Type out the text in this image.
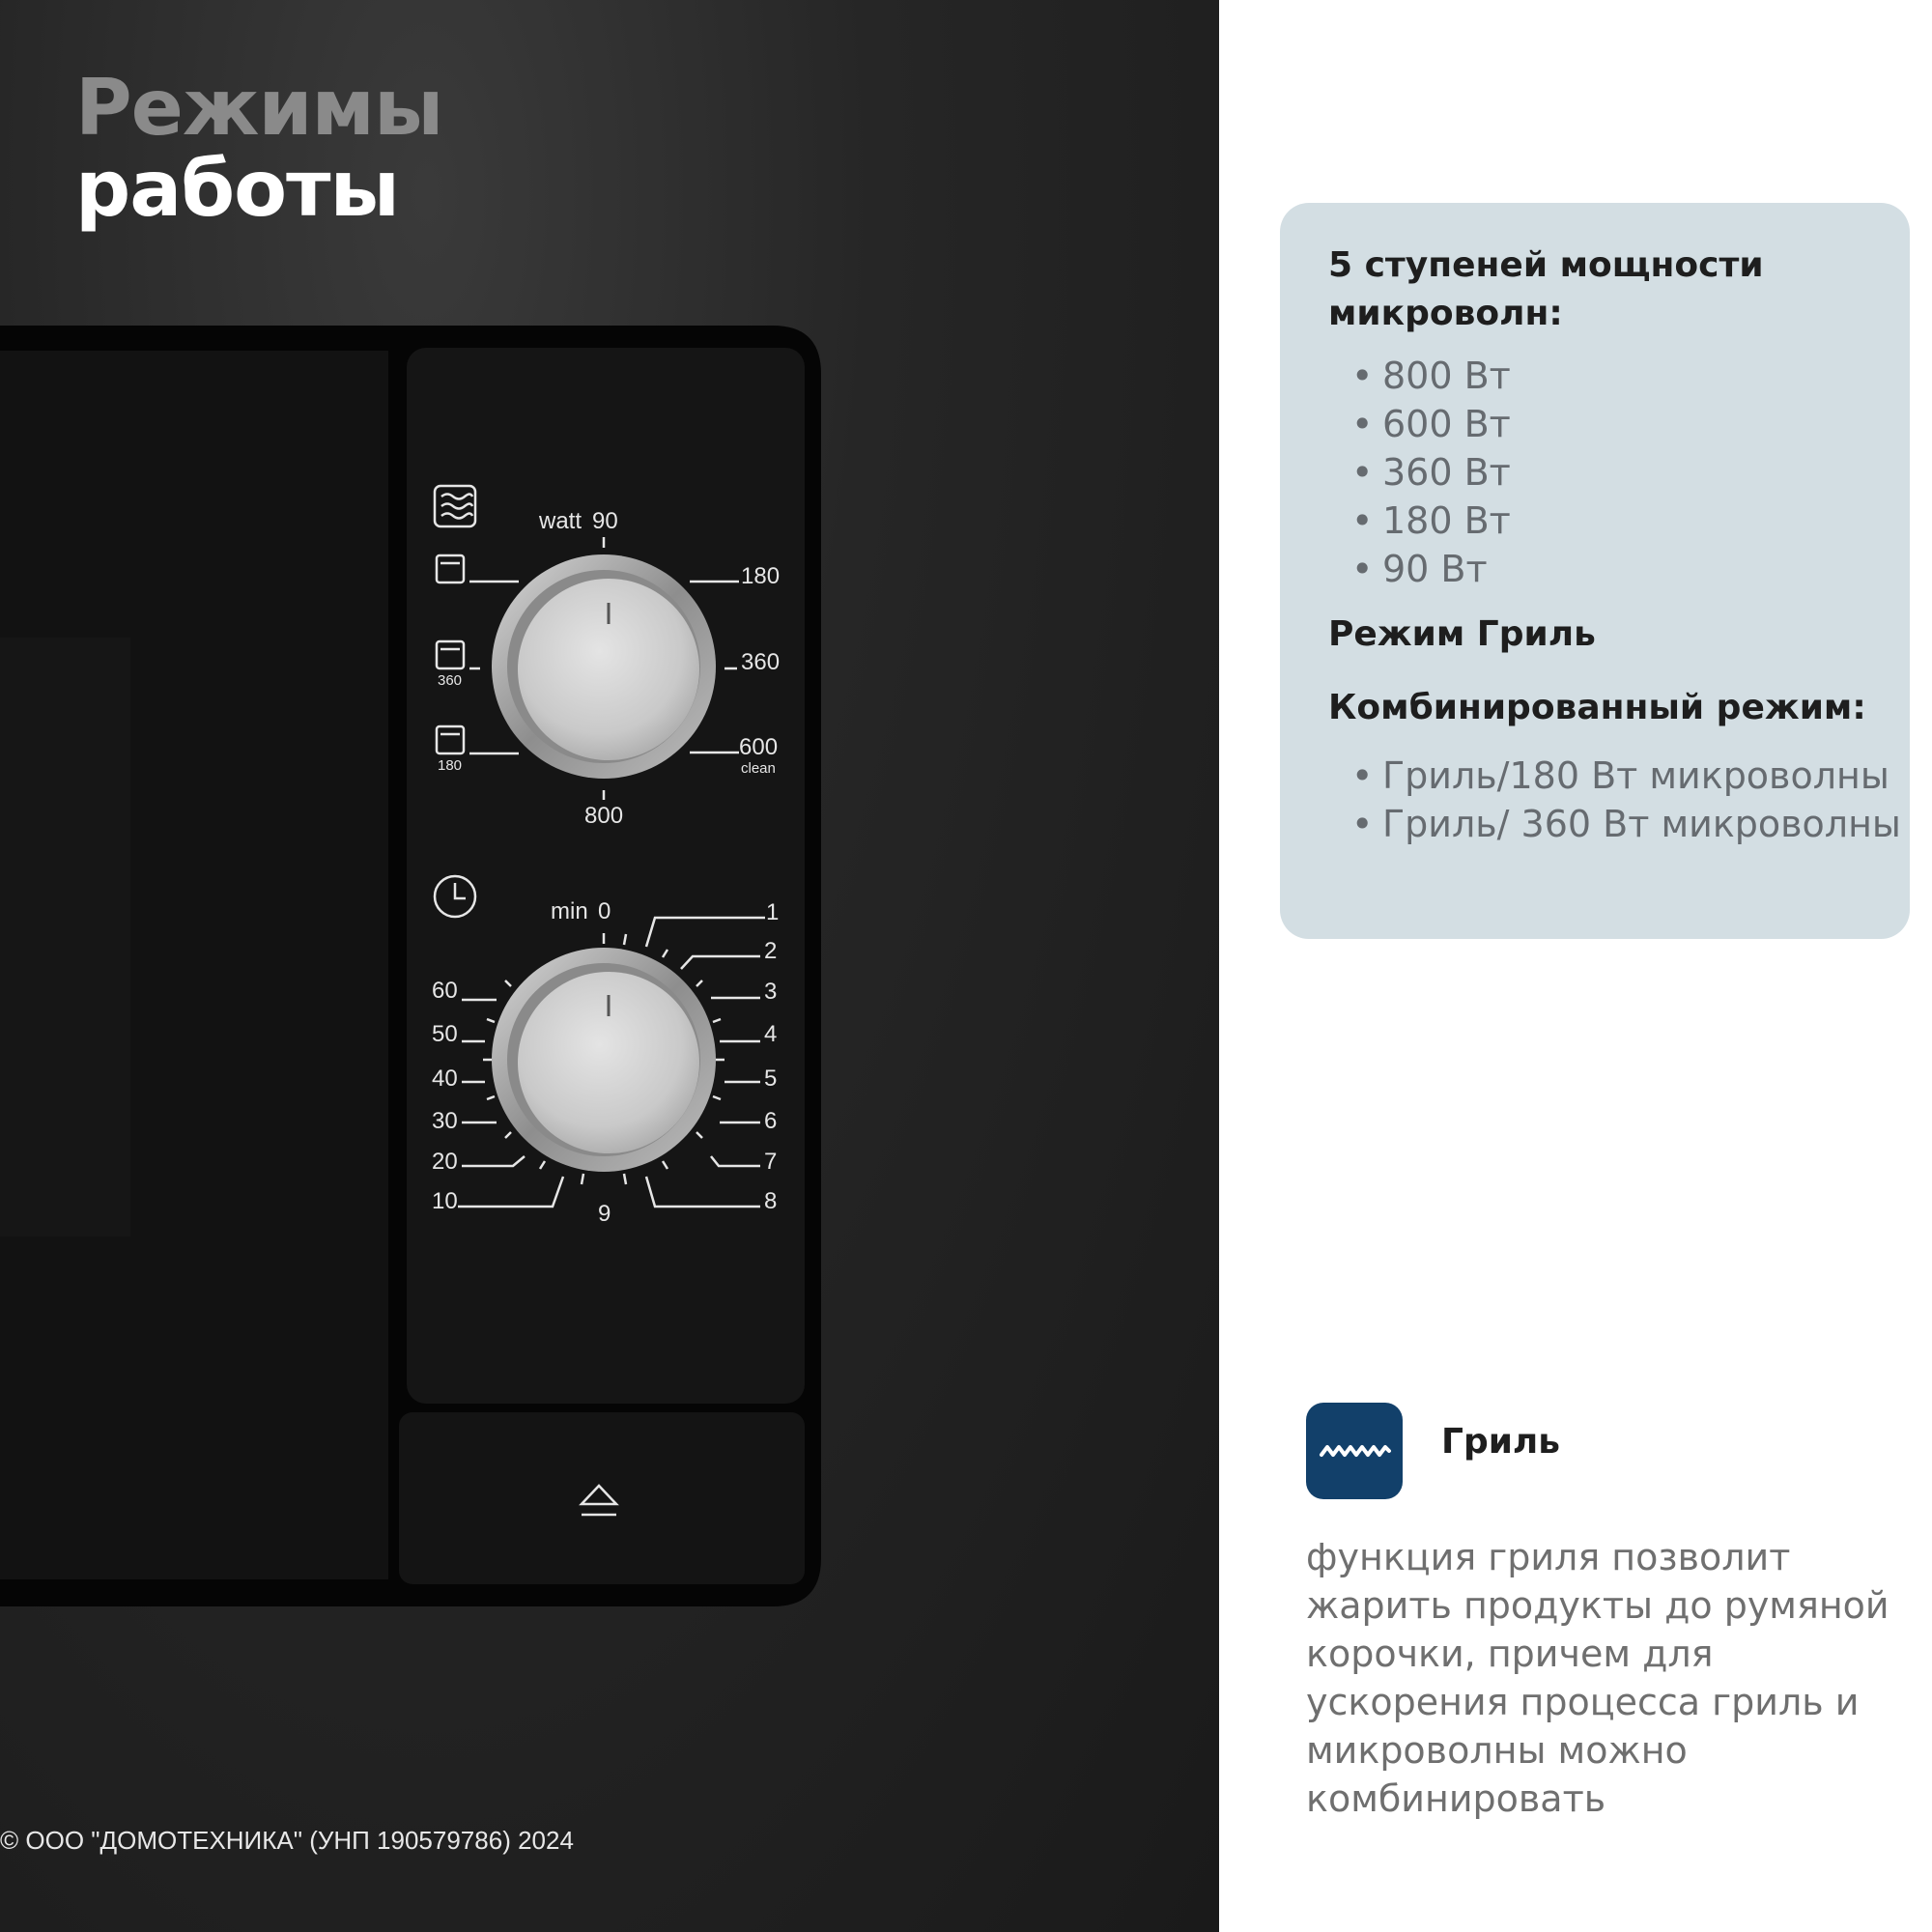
360
180
watt 90
180
360
600
clean
800
min 0	1
2
3
4
5
6
7
8
60
50
40
30
20
10	9
Режимы
работы
© ООО "ДОМОТЕХНИКА" (УНП 190579786) 2024

5 ступеней мощности микроволн:

• 800 Вт
• 600 Вт
• 360 Вт
• 180 Вт
• 90 Вт

Режим Гриль

Комбинированный режим:

• Гриль/180 Вт микроволны
• Гриль/ 360 Вт микроволны
Гриль
функция гриля позволит жарить продукты до румяной корочки, причем для ускорения процесса гриль и микроволны можно комбинировать
